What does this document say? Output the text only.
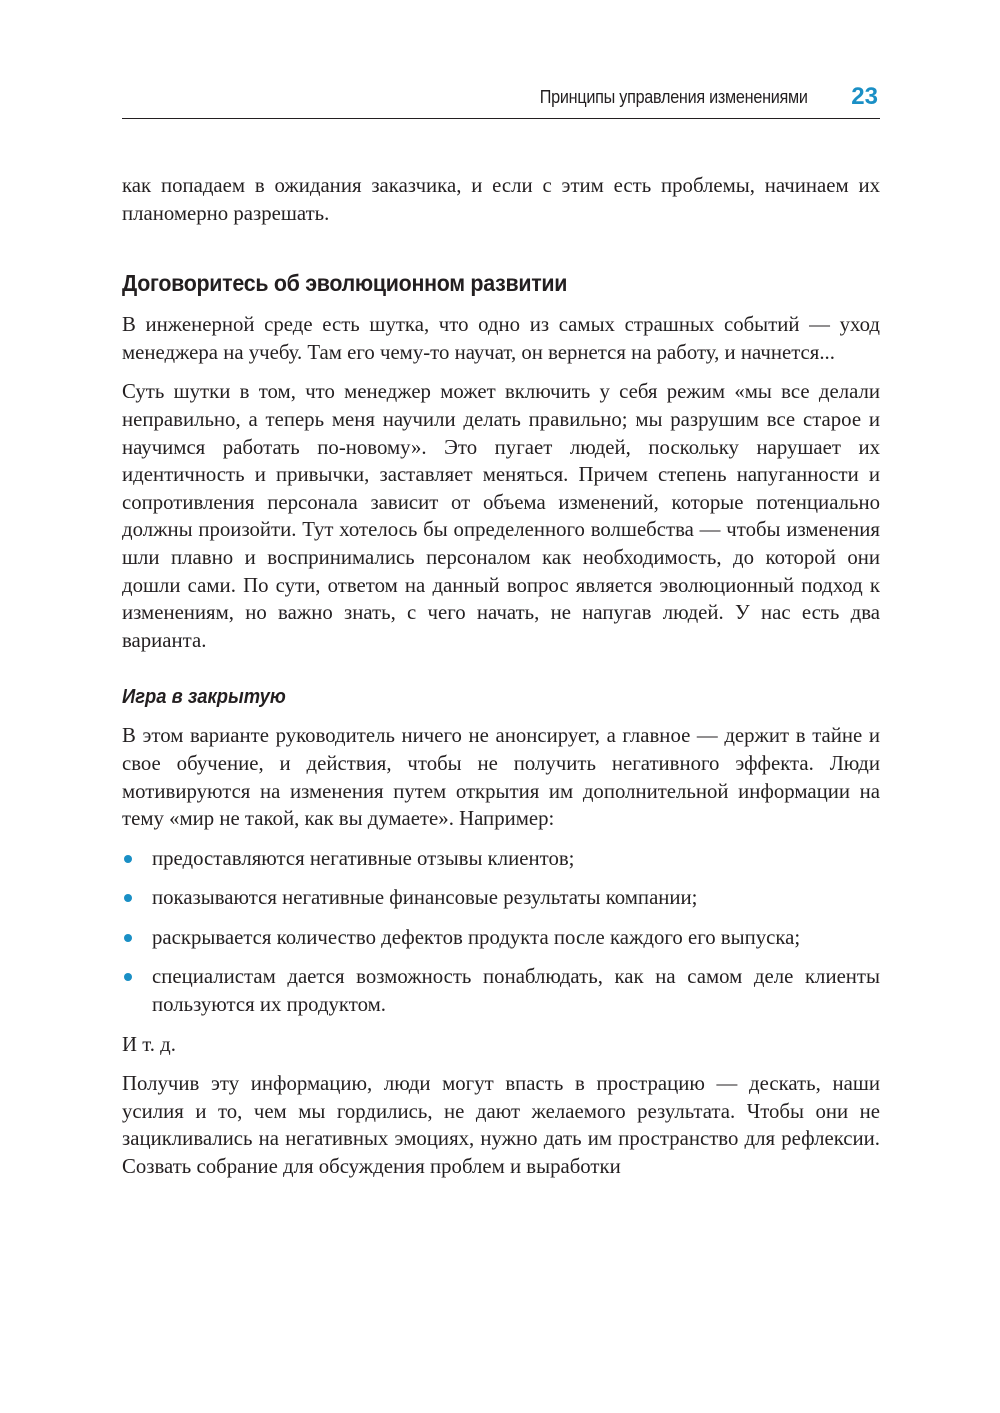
Принципы управления изменениями 23

как попадаем в ожидания заказчика, и если с этим есть проблемы, начинаем их планомерно разрешать.

Договоритесь об эволюционном развитии

В инженерной среде есть шутка, что одно из самых страшных событий — уход менеджера на учебу. Там его чему-то научат, он вернется на работу, и начнется...

Суть шутки в том, что менеджер может включить у себя режим «мы все делали неправильно, а теперь меня научили делать правильно; мы разрушим все старое и научимся работать по-новому». Это пугает людей, поскольку нарушает их идентичность и привычки, заставляет меняться. Причем степень напуганности и сопротивления персонала зависит от объема изменений, которые потенциально должны произойти. Тут хотелось бы определенного волшебства — чтобы изменения шли плавно и воспринимались персоналом как необходимость, до которой они дошли сами. По сути, ответом на данный вопрос является эволюционный подход к изменениям, но важно знать, с чего начать, не напугав людей. У нас есть два варианта.

Игра в закрытую

В этом варианте руководитель ничего не анонсирует, а главное — держит в тайне и свое обучение, и действия, чтобы не получить негативного эффекта. Люди мотивируются на изменения путем открытия им дополнительной информации на тему «мир не такой, как вы думаете». Например:

предоставляются негативные отзывы клиентов;
показываются негативные финансовые результаты компании;
раскрывается количество дефектов продукта после каждого его выпуска;
специалистам дается возможность понаблюдать, как на самом деле клиенты пользуются их продуктом.

И т. д.

Получив эту информацию, люди могут впасть в прострацию — дескать, наши усилия и то, чем мы гордились, не дают желаемого результата. Чтобы они не зацикливались на негативных эмоциях, нужно дать им пространство для рефлексии. Созвать собрание для обсуждения проблем и выработки
